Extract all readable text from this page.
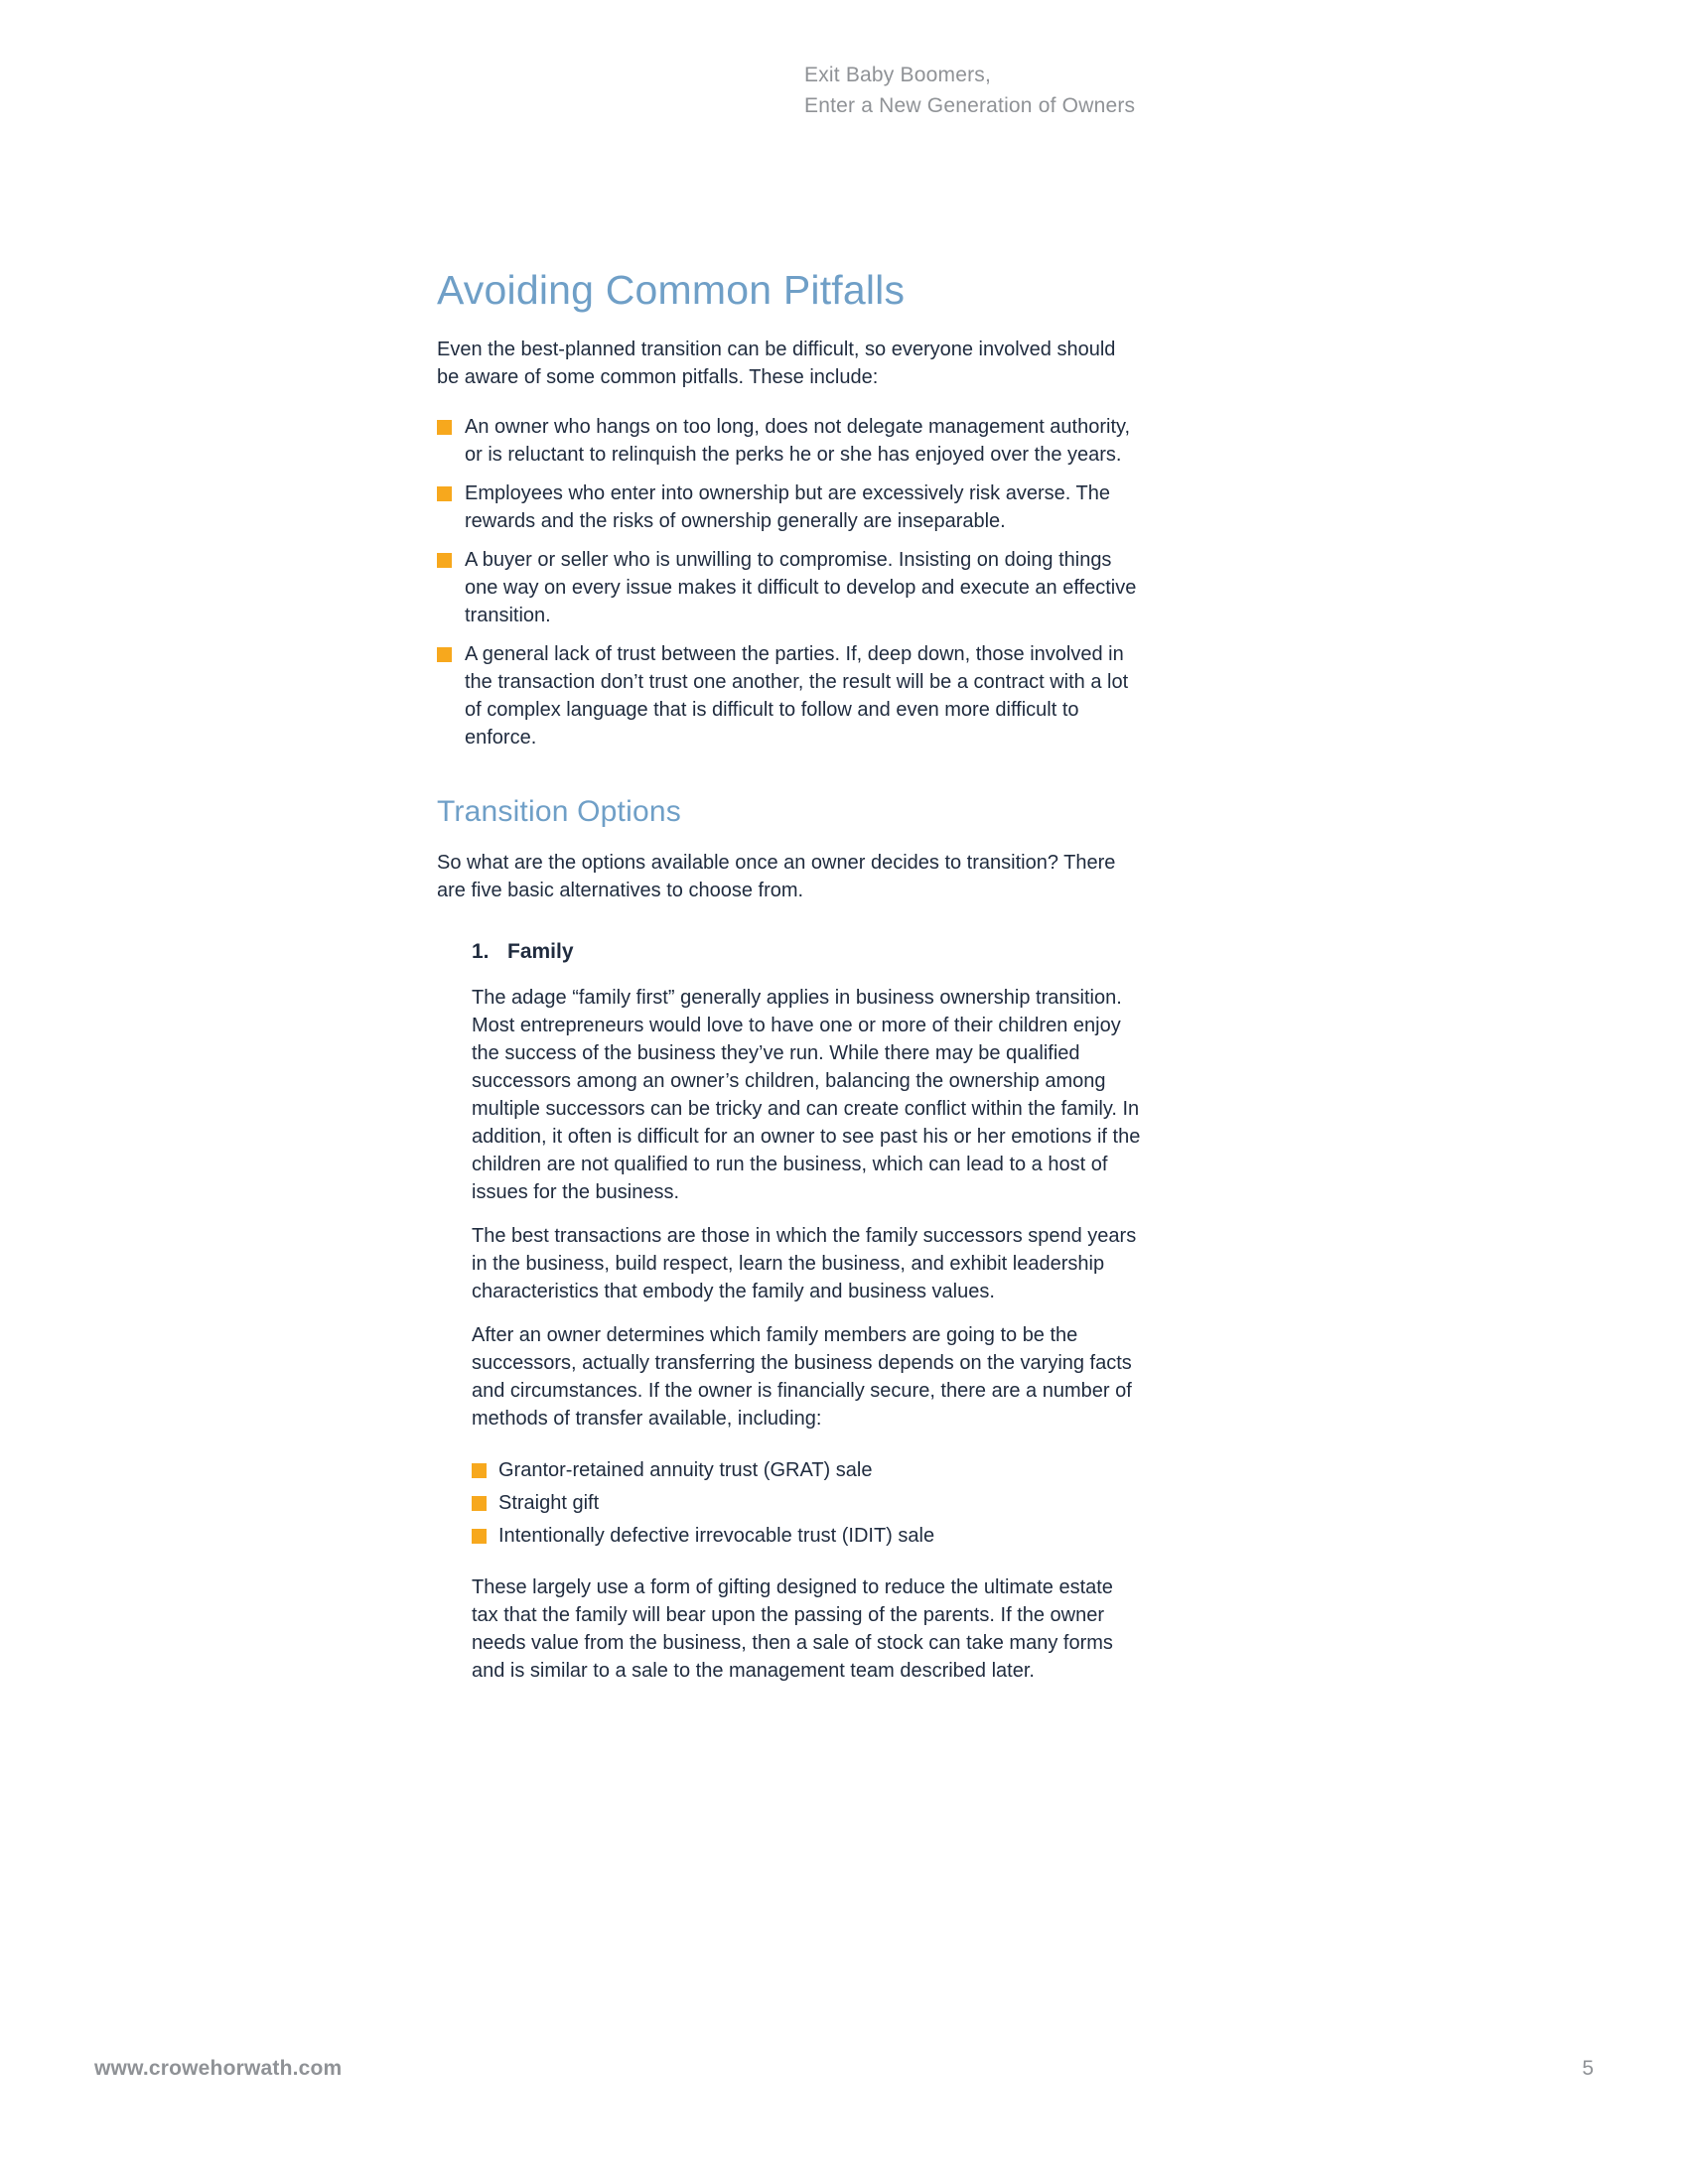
Exit Baby Boomers,
Enter a New Generation of Owners
Avoiding Common Pitfalls

Even the best-planned transition can be difficult, so everyone involved should be aware of some common pitfalls. These include:

An owner who hangs on too long, does not delegate management authority, or is reluctant to relinquish the perks he or she has enjoyed over the years.
Employees who enter into ownership but are excessively risk averse. The rewards and the risks of ownership generally are inseparable.
A buyer or seller who is unwilling to compromise. Insisting on doing things one way on every issue makes it difficult to develop and execute an effective transition.
A general lack of trust between the parties. If, deep down, those involved in the transaction don’t trust one another, the result will be a contract with a lot of complex language that is difficult to follow and even more difficult to enforce.
Transition Options

So what are the options available once an owner decides to transition? There are five basic alternatives to choose from.

1. Family

The adage “family first” generally applies in business ownership transition. Most entrepreneurs would love to have one or more of their children enjoy the success of the business they’ve run. While there may be qualified successors among an owner’s children, balancing the ownership among multiple successors can be tricky and can create conflict within the family. In addition, it often is difficult for an owner to see past his or her emotions if the children are not qualified to run the business, which can lead to a host of issues for the business.

The best transactions are those in which the family successors spend years in the business, build respect, learn the business, and exhibit leadership characteristics that embody the family and business values.

After an owner determines which family members are going to be the successors, actually transferring the business depends on the varying facts and circumstances. If the owner is financially secure, there are a number of methods of transfer available, including:

Grantor-retained annuity trust (GRAT) sale
Straight gift
Intentionally defective irrevocable trust (IDIT) sale

These largely use a form of gifting designed to reduce the ultimate estate tax that the family will bear upon the passing of the parents. If the owner needs value from the business, then a sale of stock can take many forms and is similar to a sale to the management team described later.

www.crowehorwath.com	5
